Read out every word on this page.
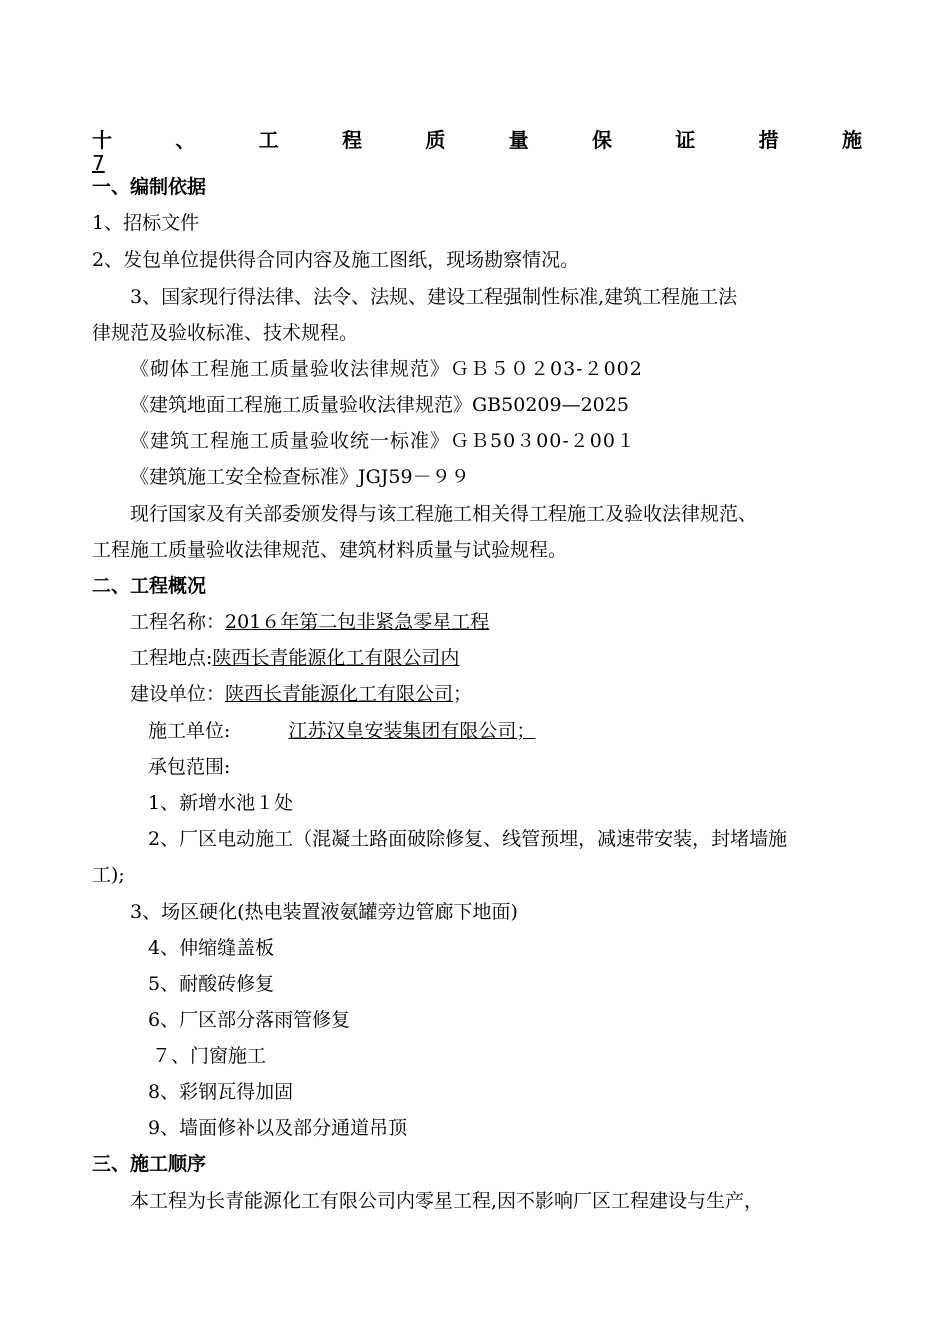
十	、	工	程	质	量	保	证	措	施
7
一、编制依据
1、招标文件
2、发包单位提供得合同内容及施工图纸，现场勘察情况。
3、国家现行得法律、法令、法规、建设工程强制性标准,建筑工程施工法
律规范及验收标准、技术规程。
《砌体工程施工质量验收法律规范》ＧＢ５０２03-２002
《建筑地面工程施工质量验收法律规范》GB50209—2025
《建筑工程施工质量验收统一标准》ＧＢ50３00-２00１
《建筑施工安全检查标准》JGJ59－９９
现行国家及有关部委颁发得与该工程施工相关得工程施工及验收法律规范、
工程施工质量验收法律规范、建筑材料质量与试验规程。
二、工程概况
工程名称：201６年第二包非紧急零星工程
工程地点:陕西长青能源化工有限公司内
建设单位：陕西长青能源化工有限公司；
施工单位:	江苏汉皇安装集团有限公司；
承包范围:
1、新增水池１处
2、厂区电动施工（混凝土路面破除修复、线管预埋，减速带安装，封堵墙施
工);
3、场区硬化(热电装置液氨罐旁边管廊下地面)
4、伸缩缝盖板
5、耐酸砖修复
6、厂区部分落雨管修复
７、门窗施工
8、彩钢瓦得加固
9、墙面修补以及部分通道吊顶
三、施工顺序
本工程为长青能源化工有限公司内零星工程,因不影响厂区工程建设与生产，
